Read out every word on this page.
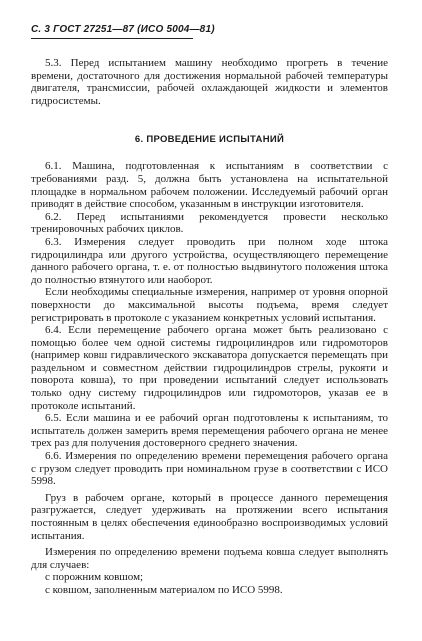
С. 3 ГОСТ 27251—87 (ИСО 5004—81)

5.3. Перед испытанием машину необходимо прогреть в течение времени, достаточного для достижения нормальной рабочей температуры двигателя, трансмиссии, рабочей охлаждающей жидкости и элементов гидросистемы.

6. ПРОВЕДЕНИЕ ИСПЫТАНИЙ

6.1. Машина, подготовленная к испытаниям в соответствии с требованиями разд. 5, должна быть установлена на испытательной площадке в нормальном рабочем положении. Исследуемый рабочий орган приводят в действие способом, указанным в инструкции изготовителя.

6.2. Перед испытаниями рекомендуется провести несколько тренировочных рабочих циклов.

6.3. Измерения следует проводить при полном ходе штока гидроцилиндра или другого устройства, осуществляющего перемещение данного рабочего органа, т. е. от полностью выдвинутого положения штока до полностью втянутого или наоборот.

Если необходимы специальные измерения, например от уровня опорной поверхности до максимальной высоты подъема, время следует регистрировать в протоколе с указанием конкретных условий испытания.

6.4. Если перемещение рабочего органа может быть реализовано с помощью более чем одной системы гидроцилиндров или гидромоторов (например ковш гидравлического экскаватора допускается перемещать при раздельном и совместном действии гидроцилиндров стрелы, рукояти и поворота ковша), то при проведении испытаний следует использовать только одну систему гидроцилиндров или гидромоторов, указав ее в протоколе испытаний.

6.5. Если машина и ее рабочий орган подготовлены к испытаниям, то испытатель должен замерить время перемещения рабочего органа не менее трех раз для получения достоверного среднего значения.

6.6. Измерения по определению времени перемещения рабочего органа с грузом следует проводить при номинальном грузе в соответствии с ИСО 5998.

Груз в рабочем органе, который в процессе данного перемещения разгружается, следует удерживать на протяжении всего испытания постоянным в целях обеспечения единообразно воспроизводимых условий испытания.

Измерения по определению времени подъема ковша следует выполнять для случаев:

с порожним ковшом;

с ковшом, заполненным материалом по ИСО 5998.
